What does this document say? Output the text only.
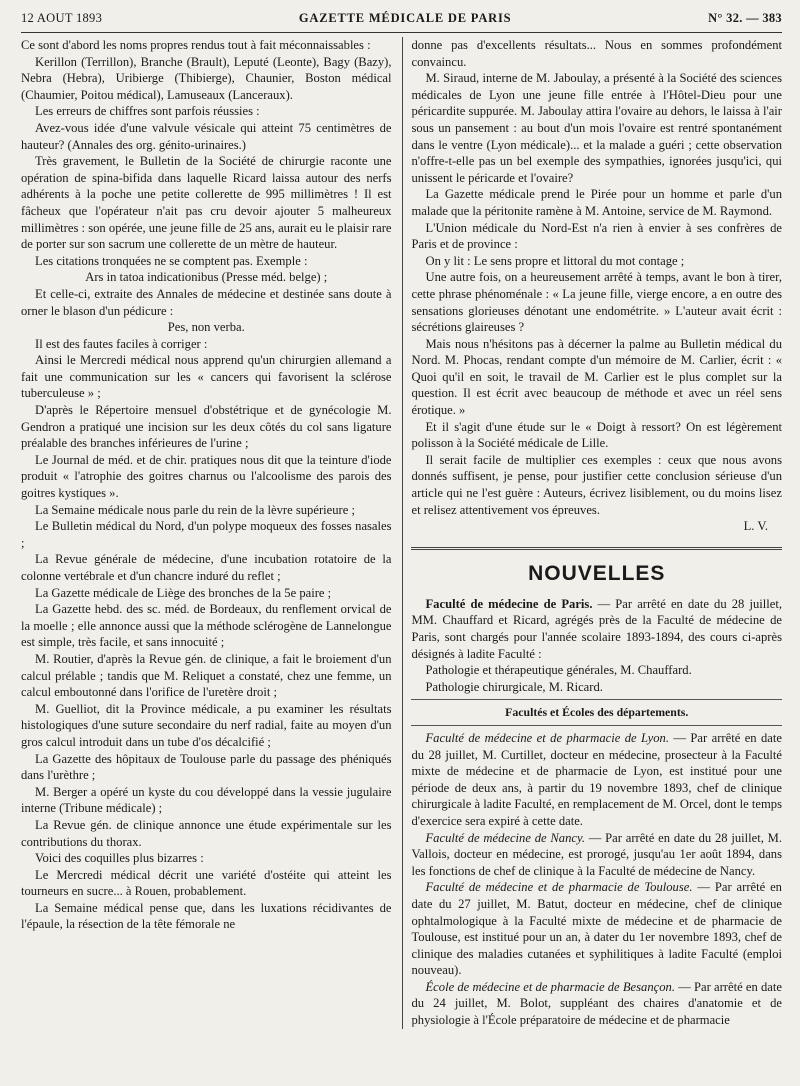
12 AOUT 1893	GAZETTE MÉDICALE DE PARIS	N° 32. — 383

Ce sont d'abord les noms propres rendus tout à fait méconnaissables :

Kerillon (Terrillon), Branche (Brault), Leputé (Leonte), Bagy (Bazy), Nebra (Hebra), Uribierge (Thibierge), Chaunier, Boston médical (Chaumier, Poitou médical), Lamuseaux (Lanceraux).

Les erreurs de chiffres sont parfois réussies :

Avez-vous idée d'une valvule vésicale qui atteint 75 centimètres de hauteur? (Annales des org. génito-urinaires.)

Très gravement, le Bulletin de la Société de chirurgie raconte une opération de spina-bifida dans laquelle Ricard laissa autour des nerfs adhérents à la poche une petite collerette de 995 millimètres ! Il est fâcheux que l'opérateur n'ait pas cru devoir ajouter 5 malheureux millimètres : son opérée, une jeune fille de 25 ans, aurait eu le plaisir rare de porter sur son sacrum une collerette de un mètre de hauteur.

Les citations tronquées ne se comptent pas. Exemple :

Ars in tatoa indicationibus (Presse méd. belge) ;

Et celle-ci, extraite des Annales de médecine et destinée sans doute à orner le blason d'un pédicure :

Pes, non verba.

Il est des fautes faciles à corriger :

Ainsi le Mercredi médical nous apprend qu'un chirurgien allemand a fait une communication sur les « cancers qui favorisent la sclérose tuberculeuse » ;

D'après le Répertoire mensuel d'obstétrique et de gynécologie M. Gendron a pratiqué une incision sur les deux côtés du col sans ligature préalable des branches inférieures de l'urine ;

Le Journal de méd. et de chir. pratiques nous dit que la teinture d'iode produit « l'atrophie des goitres charnus ou l'alcoolisme des parois des goitres kystiques ».

La Semaine médicale nous parle du rein de la lèvre supérieure ;

Le Bulletin médical du Nord, d'un polype moqueux des fosses nasales ;

La Revue générale de médecine, d'une incubation rotatoire de la colonne vertébrale et d'un chancre induré du reflet ;

La Gazette médicale de Liège des bronches de la 5e paire ;

La Gazette hebd. des sc. méd. de Bordeaux, du renflement orvical de la moelle ; elle annonce aussi que la méthode sclérogène de Lannelongue est simple, très facile, et sans innocuité ;

M. Routier, d'après la Revue gén. de clinique, a fait le broiement d'un calcul prélable ; tandis que M. Reliquet a constaté, chez une femme, un calcul emboutonné dans l'orifice de l'uretère droit ;

M. Guelliot, dit la Province médicale, a pu examiner les résultats histologiques d'une suture secondaire du nerf radial, faite au moyen d'un gros calcul introduit dans un tube d'os décalcifié ;

La Gazette des hôpitaux de Toulouse parle du passage des phéniqués dans l'urèthre ;

M. Berger a opéré un kyste du cou développé dans la vessie jugulaire interne (Tribune médicale) ;

La Revue gén. de clinique annonce une étude expérimentale sur les contributions du thorax.

Voici des coquilles plus bizarres :

Le Mercredi médical décrit une variété d'ostéite qui atteint les tourneurs en sucre... à Rouen, probablement.

La Semaine médical pense que, dans les luxations récidivantes de l'épaule, la résection de la tête fémorale ne

donne pas d'excellents résultats... Nous en sommes profondément convaincu.

M. Siraud, interne de M. Jaboulay, a présenté à la Société des sciences médicales de Lyon une jeune fille entrée à l'Hôtel-Dieu pour une péricardite suppurée. M. Jaboulay attira l'ovaire au dehors, le laissa à l'air sous un pansement : au bout d'un mois l'ovaire est rentré spontanément dans le ventre (Lyon médicale)... et la malade a guéri ; cette observation n'offre-t-elle pas un bel exemple des sympathies, ignorées jusqu'ici, qui unissent le péricarde et l'ovaire?

La Gazette médicale prend le Pirée pour un homme et parle d'un malade que la péritonite ramène à M. Antoine, service de M. Raymond.

L'Union médicale du Nord-Est n'a rien à envier à ses confrères de Paris et de province :

On y lit : Le sens propre et littoral du mot contage ;

Une autre fois, on a heureusement arrêté à temps, avant le bon à tirer, cette phrase phénoménale : « La jeune fille, vierge encore, a en outre des sensations glorieuses dénotant une endométrite. » L'auteur avait écrit : sécrétions glaireuses ?

Mais nous n'hésitons pas à décerner la palme au Bulletin médical du Nord. M. Phocas, rendant compte d'un mémoire de M. Carlier, écrit : « Quoi qu'il en soit, le travail de M. Carlier est le plus complet sur la question. Il est écrit avec beaucoup de méthode et avec un réel sens érotique. »

Et il s'agit d'une étude sur le « Doigt à ressort? On est légèrement polisson à la Société médicale de Lille.

Il serait facile de multiplier ces exemples : ceux que nous avons donnés suffisent, je pense, pour justifier cette conclusion sérieuse d'un article qui ne l'est guère : Auteurs, écrivez lisiblement, ou du moins lisez et relisez attentivement vos épreuves.

L. V.

NOUVELLES

Faculté de médecine de Paris. — Par arrêté en date du 28 juillet, MM. Chauffard et Ricard, agrégés près de la Faculté de médecine de Paris, sont chargés pour l'année scolaire 1893-1894, des cours ci-après désignés à ladite Faculté :

Pathologie et thérapeutique générales, M. Chauffard.

Pathologie chirurgicale, M. Ricard.

Facultés et Écoles des départements.

Faculté de médecine et de pharmacie de Lyon. — Par arrêté en date du 28 juillet, M. Curtillet, docteur en médecine, prosecteur à la Faculté mixte de médecine et de pharmacie de Lyon, est institué pour une période de deux ans, à partir du 19 novembre 1893, chef de clinique chirurgicale à ladite Faculté, en remplacement de M. Orcel, dont le temps d'exercice sera expiré à cette date.

Faculté de médecine de Nancy. — Par arrêté en date du 28 juillet, M. Vallois, docteur en médecine, est prorogé, jusqu'au 1er août 1894, dans les fonctions de chef de clinique à la Faculté de médecine de Nancy.

Faculté de médecine et de pharmacie de Toulouse. — Par arrêté en date du 27 juillet, M. Batut, docteur en médecine, chef de clinique ophtalmologique à la Faculté mixte de médecine et de pharmacie de Toulouse, est institué pour un an, à dater du 1er novembre 1893, chef de clinique des maladies cutanées et syphilitiques à ladite Faculté (emploi nouveau).

École de médecine et de pharmacie de Besançon. — Par arrêté en date du 24 juillet, M. Bolot, suppléant des chaires d'anatomie et de physiologie à l'École préparatoire de médecine et de pharmacie
